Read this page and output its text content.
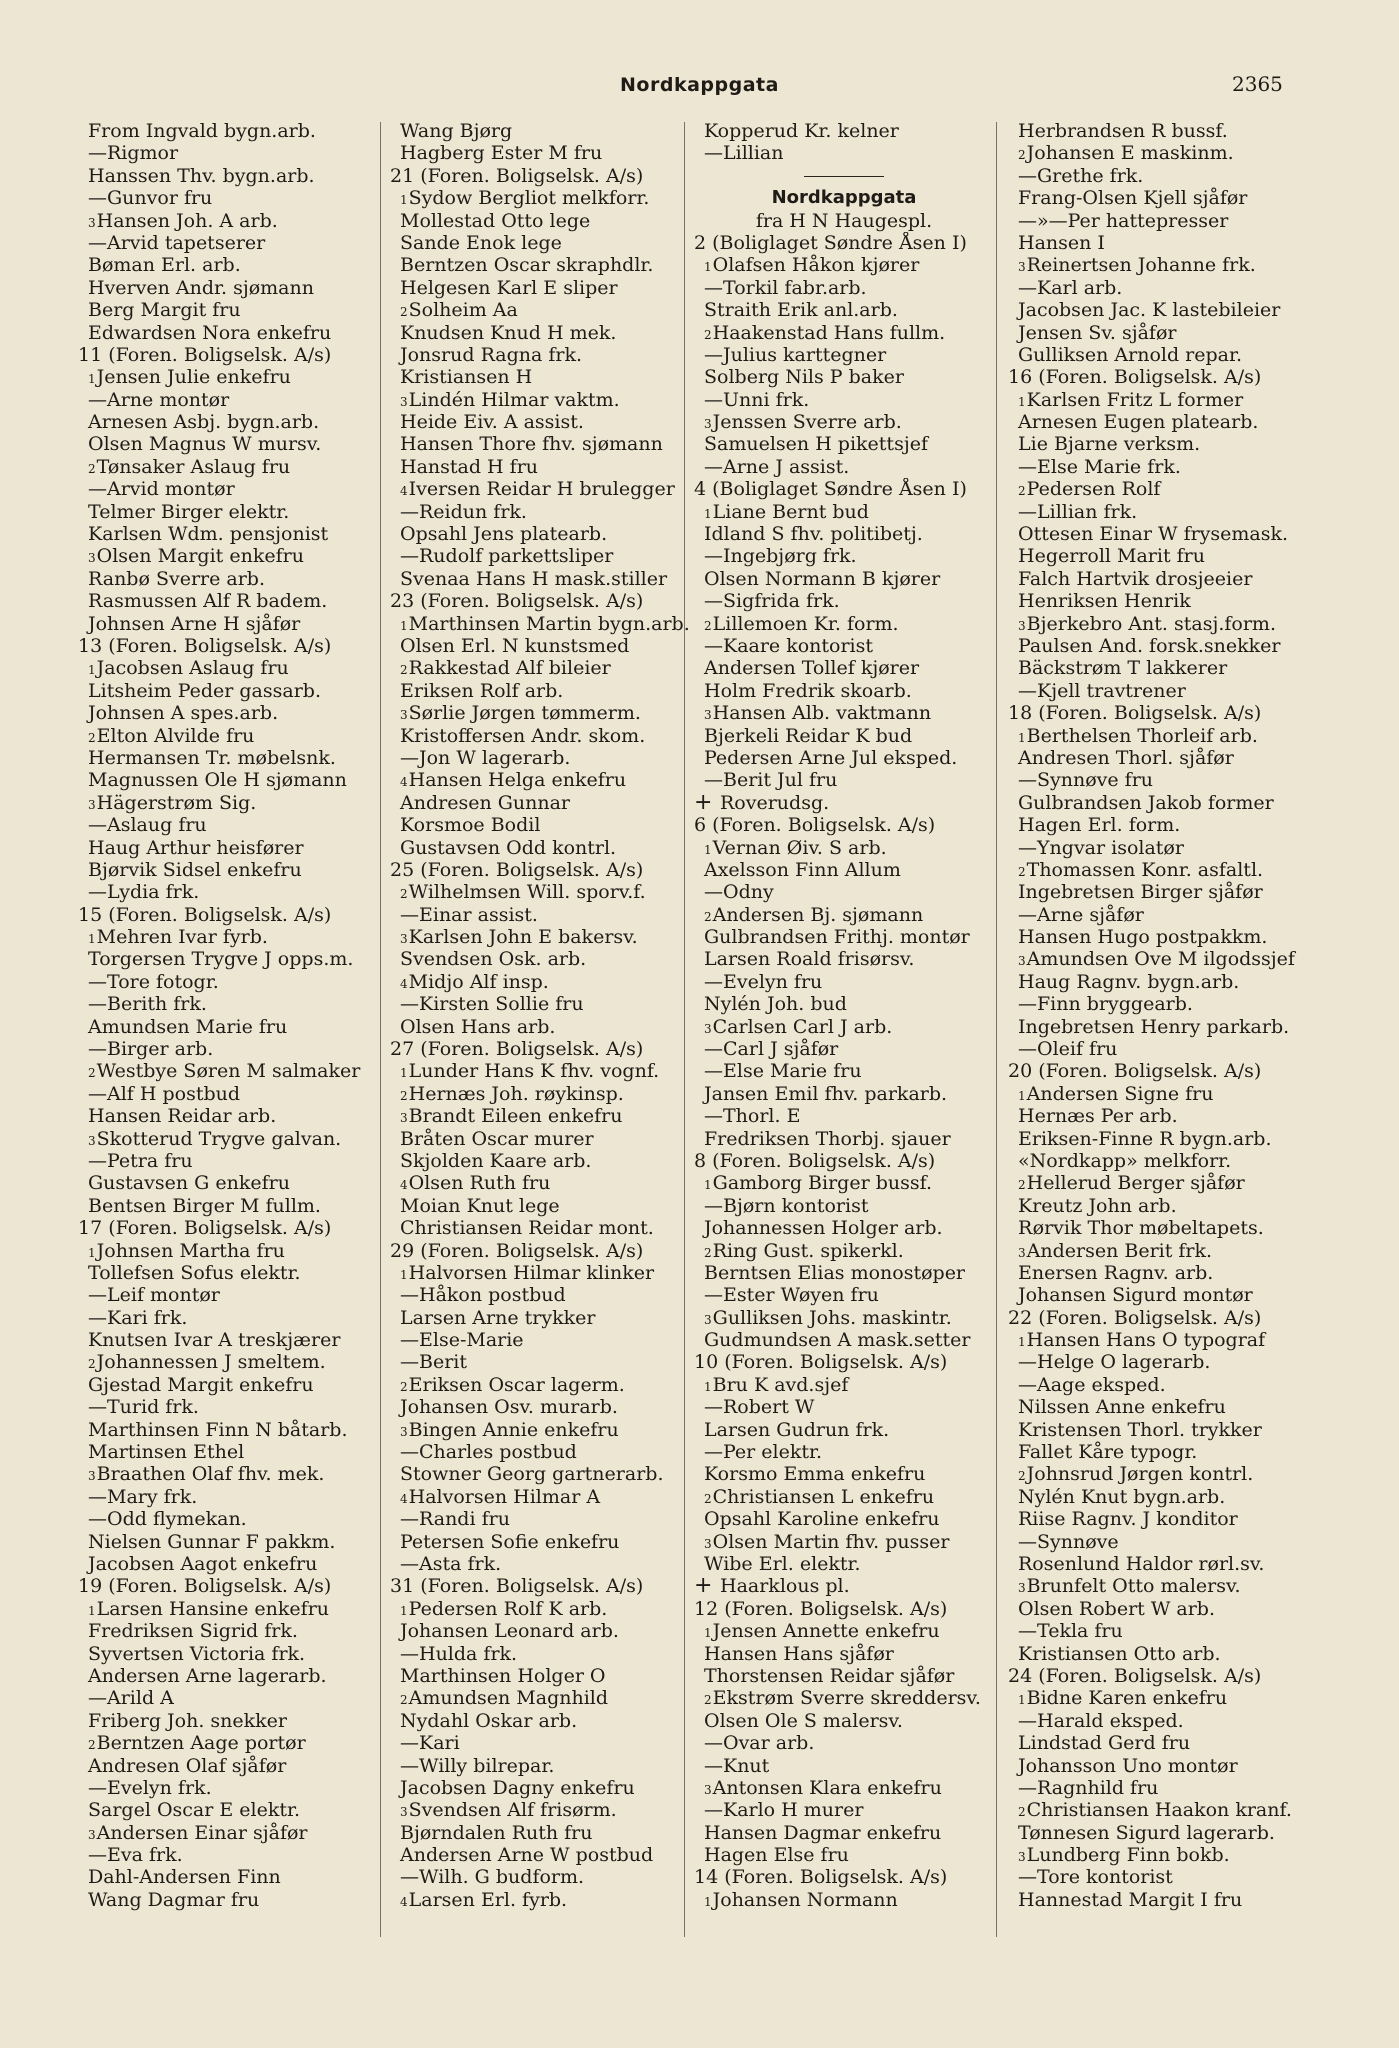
Nordkappgata	2365
From Ingvald bygn.arb.
—Rigmor
Hanssen Thv. bygn.arb.
—Gunvor fru
3 Hansen Joh. A arb.
—Arvid tapetserer
Bøman Erl. arb.
Hverven Andr. sjømann
Berg Margit fru
Edwardsen Nora enkefru
11 (Foren. Boligselsk. A/s)
1 Jensen Julie enkefru
—Arne montør
Arnesen Asbj. bygn.arb.
Olsen Magnus W mursv.
2 Tønsaker Aslaug fru
—Arvid montør
Telmer Birger elektr.
Karlsen Wdm. pensjonist
3 Olsen Margit enkefru
Ranbø Sverre arb.
Rasmussen Alf R badem.
Johnsen Arne H sjåfør
13 (Foren. Boligselsk. A/s)
1 Jacobsen Aslaug fru
Litsheim Peder gassarb.
Johnsen A spes.arb.
2 Elton Alvilde fru
Hermansen Tr. møbelsnk.
Magnussen Ole H sjømann
3 Hägerstrøm Sig.
—Aslaug fru
Haug Arthur heisfører
Bjørvik Sidsel enkefru
—Lydia frk.
15 (Foren. Boligselsk. A/s)
1 Mehren Ivar fyrb.
Torgersen Trygve J opps.m.
—Tore fotogr.
—Berith frk.
Amundsen Marie fru
—Birger arb.
2 Westbye Søren M salmaker
—Alf H postbud
Hansen Reidar arb.
3 Skotterud Trygve galvan.
—Petra fru
Gustavsen G enkefru
Bentsen Birger M fullm.
17 (Foren. Boligselsk. A/s)
1 Johnsen Martha fru
Tollefsen Sofus elektr.
—Leif montør
—Kari frk.
Knutsen Ivar A treskjærer
2 Johannessen J smeltem.
Gjestad Margit enkefru
—Turid frk.
Marthinsen Finn N båtarb.
Martinsen Ethel
3 Braathen Olaf fhv. mek.
—Mary frk.
—Odd flymekan.
Nielsen Gunnar F pakkm.
Jacobsen Aagot enkefru
19 (Foren. Boligselsk. A/s)
1 Larsen Hansine enkefru
Fredriksen Sigrid frk.
Syvertsen Victoria frk.
Andersen Arne lagerarb.
—Arild A
Friberg Joh. snekker
2 Berntzen Aage portør
Andresen Olaf sjåfør
—Evelyn frk.
Sargel Oscar E elektr.
3 Andersen Einar sjåfør
—Eva frk.
Dahl-Andersen Finn
Wang Dagmar fru
Wang Bjørg
Hagberg Ester M fru
21 (Foren. Boligselsk. A/s)
1 Sydow Bergliot melkforr.
Mollestad Otto lege
Sande Enok lege
Berntzen Oscar skraphdlr.
Helgesen Karl E sliper
2 Solheim Aa
Knudsen Knud H mek.
Jonsrud Ragna frk.
Kristiansen H
3 Lindén Hilmar vaktm.
Heide Eiv. A assist.
Hansen Thore fhv. sjømann
Hanstad H fru
4 Iversen Reidar H brulegger
—Reidun frk.
Opsahl Jens platearb.
—Rudolf parkettsliper
Svenaa Hans H mask.stiller
23 (Foren. Boligselsk. A/s)
1 Marthinsen Martin bygn.arb.
Olsen Erl. N kunstsmed
2 Rakkestad Alf bileier
Eriksen Rolf arb.
3 Sørlie Jørgen tømmerm.
Kristoffersen Andr. skom.
—Jon W lagerarb.
4 Hansen Helga enkefru
Andresen Gunnar
Korsmoe Bodil
Gustavsen Odd kontrl.
25 (Foren. Boligselsk. A/s)
2 Wilhelmsen Will. sporv.f.
—Einar assist.
3 Karlsen John E bakersv.
Svendsen Osk. arb.
4 Midjo Alf insp.
—Kirsten Sollie fru
Olsen Hans arb.
27 (Foren. Boligselsk. A/s)
1 Lunder Hans K fhv. vognf.
2 Hernæs Joh. røykinsp.
3 Brandt Eileen enkefru
Bråten Oscar murer
Skjolden Kaare arb.
4 Olsen Ruth fru
Moian Knut lege
Christiansen Reidar mont.
29 (Foren. Boligselsk. A/s)
1 Halvorsen Hilmar klinker
—Håkon postbud
Larsen Arne trykker
—Else-Marie
—Berit
2 Eriksen Oscar lagerm.
Johansen Osv. murarb.
3 Bingen Annie enkefru
—Charles postbud
Stowner Georg gartnerarb.
4 Halvorsen Hilmar A
—Randi fru
Petersen Sofie enkefru
—Asta frk.
31 (Foren. Boligselsk. A/s)
1 Pedersen Rolf K arb.
Johansen Leonard arb.
—Hulda frk.
Marthinsen Holger O
2 Amundsen Magnhild
Nydahl Oskar arb.
—Kari
—Willy bilrepar.
Jacobsen Dagny enkefru
3 Svendsen Alf frisørm.
Bjørndalen Ruth fru
Andersen Arne W postbud
—Wilh. G budform.
4 Larsen Erl. fyrb.
Kopperud Kr. kelner
—Lillian
Nordkappgata
fra H N Haugespl.
2 (Boliglaget Søndre Åsen I)
1 Olafsen Håkon kjører
—Torkil fabr.arb.
Straith Erik anl.arb.
2 Haakenstad Hans fullm.
—Julius karttegner
Solberg Nils P baker
—Unni frk.
3 Jenssen Sverre arb.
Samuelsen H pikettsjef
—Arne J assist.
4 (Boliglaget Søndre Åsen I)
1 Liane Bernt bud
Idland S fhv. politibetj.
—Ingebjørg frk.
Olsen Normann B kjører
—Sigfrida frk.
2 Lillemoen Kr. form.
—Kaare kontorist
Andersen Tollef kjører
Holm Fredrik skoarb.
3 Hansen Alb. vaktmann
Bjerkeli Reidar K bud
Pedersen Arne Jul eksped.
—Berit Jul fru
+ Roverudsg.
6 (Foren. Boligselsk. A/s)
1 Vernan Øiv. S arb.
Axelsson Finn Allum
—Odny
2 Andersen Bj. sjømann
Gulbrandsen Frithj. montør
Larsen Roald frisørsv.
—Evelyn fru
Nylén Joh. bud
3 Carlsen Carl J arb.
—Carl J sjåfør
—Else Marie fru
Jansen Emil fhv. parkarb.
—Thorl. E
Fredriksen Thorbj. sjauer
8 (Foren. Boligselsk. A/s)
1 Gamborg Birger bussf.
—Bjørn kontorist
Johannessen Holger arb.
2 Ring Gust. spikerkl.
Berntsen Elias monostøper
—Ester Wøyen fru
3 Gulliksen Johs. maskintr.
Gudmundsen A mask.setter
10 (Foren. Boligselsk. A/s)
1 Bru K avd.sjef
—Robert W
Larsen Gudrun frk.
—Per elektr.
Korsmo Emma enkefru
2 Christiansen L enkefru
Opsahl Karoline enkefru
3 Olsen Martin fhv. pusser
Wibe Erl. elektr.
+ Haarklous pl.
12 (Foren. Boligselsk. A/s)
1 Jensen Annette enkefru
Hansen Hans sjåfør
Thorstensen Reidar sjåfør
2 Ekstrøm Sverre skreddersv.
Olsen Ole S malersv.
—Ovar arb.
—Knut
3 Antonsen Klara enkefru
—Karlo H murer
Hansen Dagmar enkefru
Hagen Else fru
14 (Foren. Boligselsk. A/s)
1 Johansen Normann
Herbrandsen R bussf.
2 Johansen E maskinm.
—Grethe frk.
Frang-Olsen Kjell sjåfør
—»—Per hattepresser
Hansen I
3 Reinertsen Johanne frk.
—Karl arb.
Jacobsen Jac. K lastebileier
Jensen Sv. sjåfør
Gulliksen Arnold repar.
16 (Foren. Boligselsk. A/s)
1 Karlsen Fritz L former
Arnesen Eugen platearb.
Lie Bjarne verksm.
—Else Marie frk.
2 Pedersen Rolf
—Lillian frk.
Ottesen Einar W frysemask.
Hegerroll Marit fru
Falch Hartvik drosjeeier
Henriksen Henrik
3 Bjerkebro Ant. stasj.form.
Paulsen And. forsk.snekker
Bäckstrøm T lakkerer
—Kjell travtrener
18 (Foren. Boligselsk. A/s)
1 Berthelsen Thorleif arb.
Andresen Thorl. sjåfør
—Synnøve fru
Gulbrandsen Jakob former
Hagen Erl. form.
—Yngvar isolatør
2 Thomassen Konr. asfaltl.
Ingebretsen Birger sjåfør
—Arne sjåfør
Hansen Hugo postpakkm.
3 Amundsen Ove M ilgodssjef
Haug Ragnv. bygn.arb.
—Finn bryggearb.
Ingebretsen Henry parkarb.
—Oleif fru
20 (Foren. Boligselsk. A/s)
1 Andersen Signe fru
Hernæs Per arb.
Eriksen-Finne R bygn.arb.
«Nordkapp» melkforr.
2 Hellerud Berger sjåfør
Kreutz John arb.
Rørvik Thor møbeltapets.
3 Andersen Berit frk.
Enersen Ragnv. arb.
Johansen Sigurd montør
22 (Foren. Boligselsk. A/s)
1 Hansen Hans O typograf
—Helge O lagerarb.
—Aage eksped.
Nilssen Anne enkefru
Kristensen Thorl. trykker
Fallet Kåre typogr.
2 Johnsrud Jørgen kontrl.
Nylén Knut bygn.arb.
Riise Ragnv. J konditor
—Synnøve
Rosenlund Haldor rørl.sv.
3 Brunfelt Otto malersv.
Olsen Robert W arb.
—Tekla fru
Kristiansen Otto arb.
24 (Foren. Boligselsk. A/s)
1 Bidne Karen enkefru
—Harald eksped.
Lindstad Gerd fru
Johansson Uno montør
—Ragnhild fru
2 Christiansen Haakon kranf.
Tønnesen Sigurd lagerarb.
3 Lundberg Finn bokb.
—Tore kontorist
Hannestad Margit I fru
